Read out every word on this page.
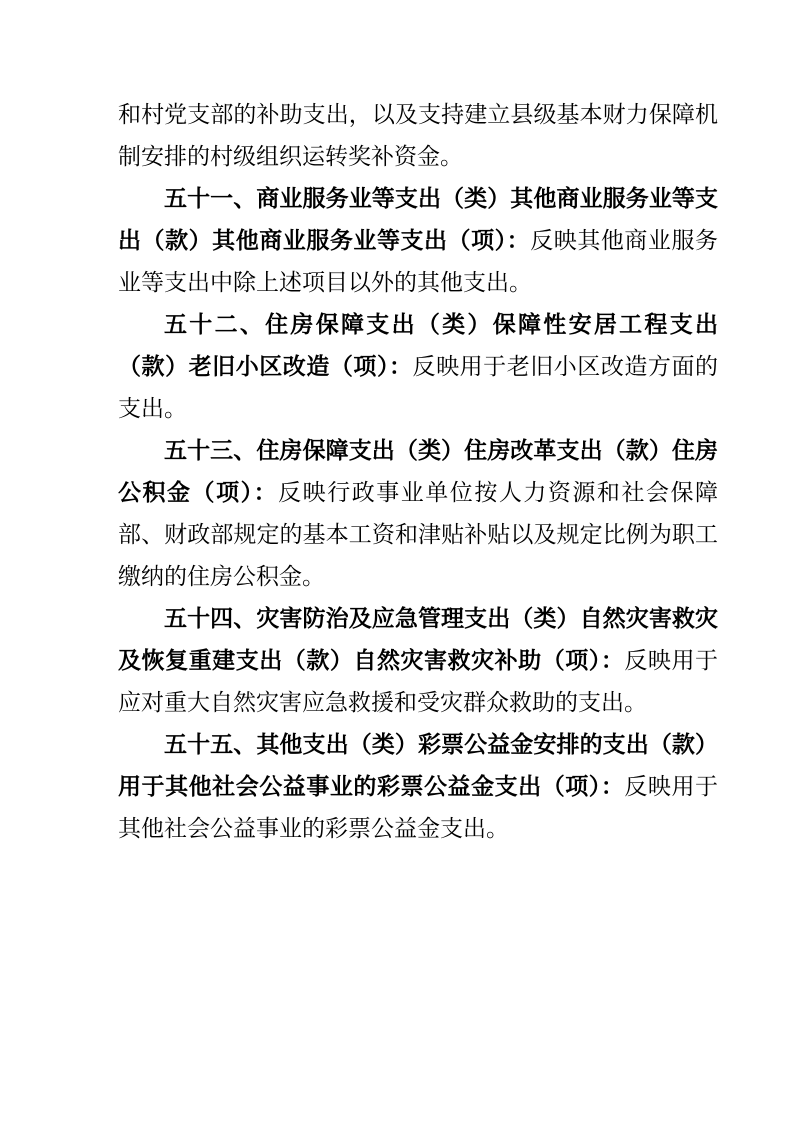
和村党支部的补助支出，以及支持建立县级基本财力保障机制安排的村级组织运转奖补资金。

五十一、商业服务业等支出（类）其他商业服务业等支出（款）其他商业服务业等支出（项）：反映其他商业服务业等支出中除上述项目以外的其他支出。

五十二、住房保障支出（类）保障性安居工程支出（款）老旧小区改造（项）：反映用于老旧小区改造方面的支出。

五十三、住房保障支出（类）住房改革支出（款）住房公积金（项）：反映行政事业单位按人力资源和社会保障部、财政部规定的基本工资和津贴补贴以及规定比例为职工缴纳的住房公积金。

五十四、灾害防治及应急管理支出（类）自然灾害救灾及恢复重建支出（款）自然灾害救灾补助（项）：反映用于应对重大自然灾害应急救援和受灾群众救助的支出。

五十五、其他支出（类）彩票公益金安排的支出（款）用于其他社会公益事业的彩票公益金支出（项）：反映用于其他社会公益事业的彩票公益金支出。
